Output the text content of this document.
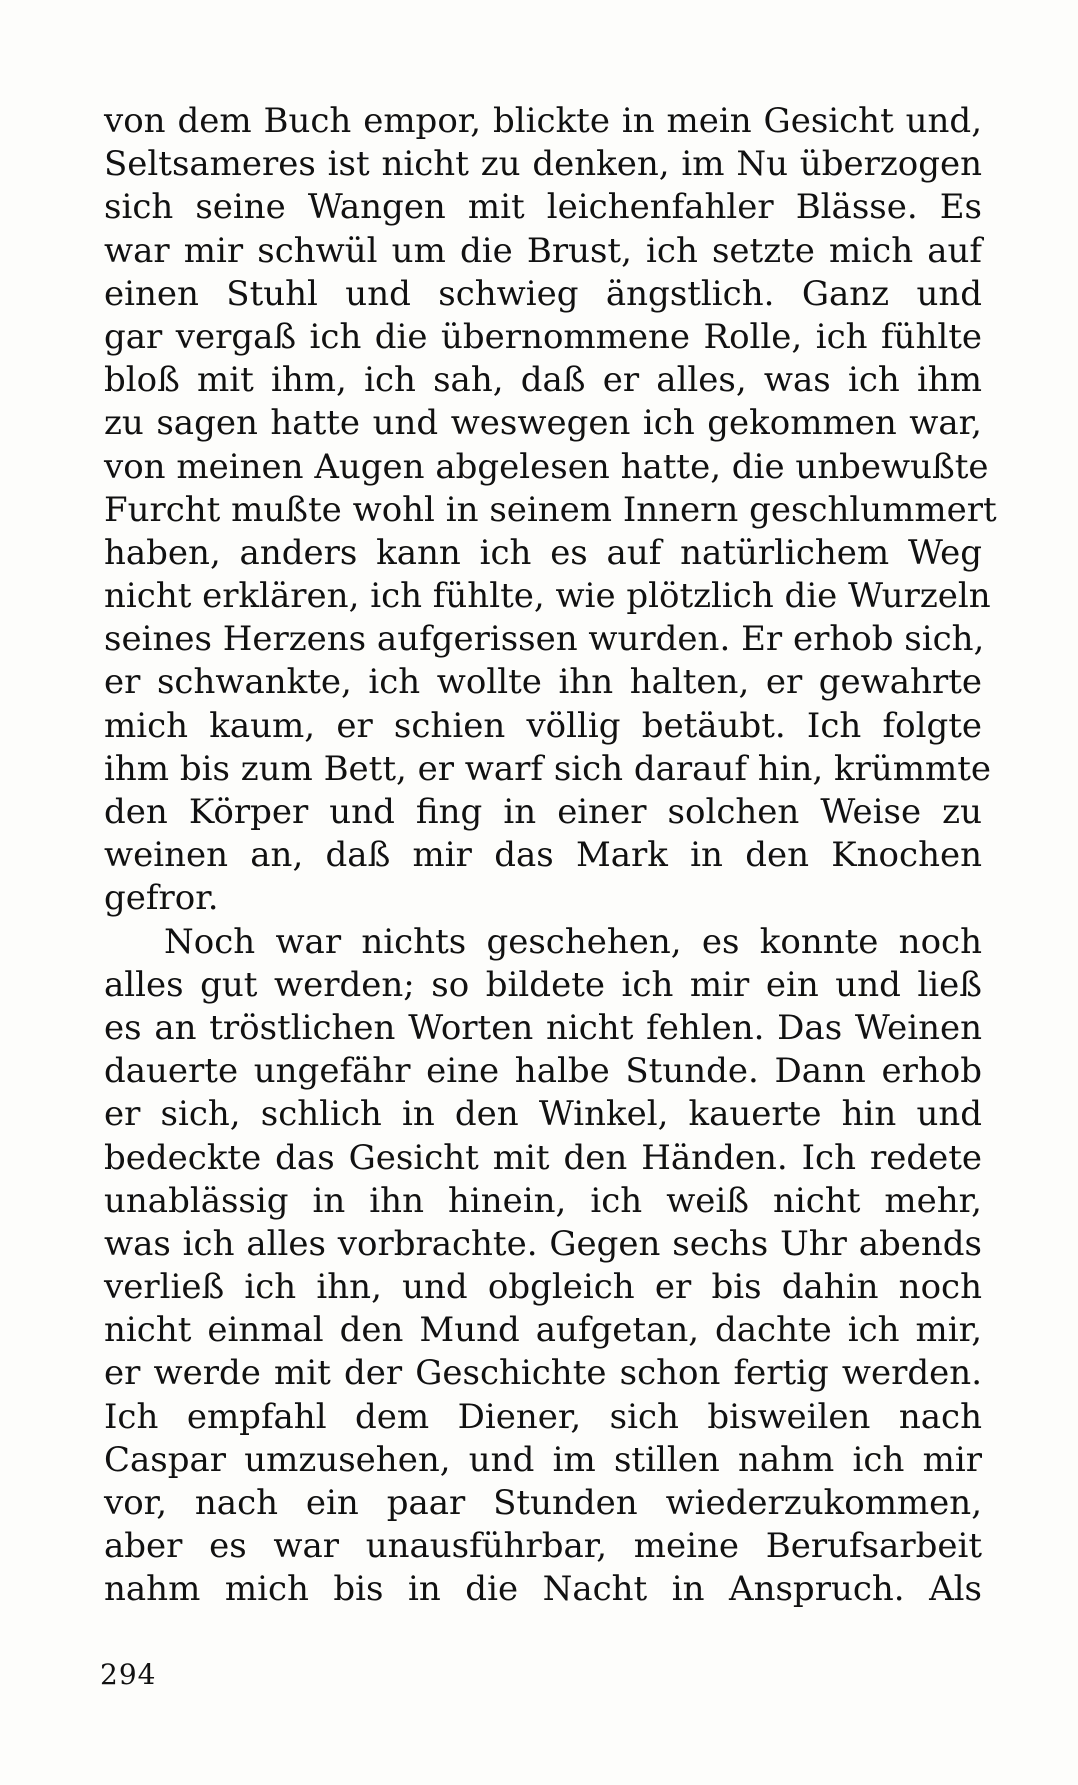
von dem Buch empor, blickte in mein Gesicht und,
Seltsameres ist nicht zu denken, im Nu überzogen
sich seine Wangen mit leichenfahler Blässe. Es
war mir schwül um die Brust, ich setzte mich auf
einen Stuhl und schwieg ängstlich. Ganz und
gar vergaß ich die übernommene Rolle, ich fühlte
bloß mit ihm, ich sah, daß er alles, was ich ihm
zu sagen hatte und weswegen ich gekommen war,
von meinen Augen abgelesen hatte, die unbewußte
Furcht mußte wohl in seinem Innern geschlummert
haben, anders kann ich es auf natürlichem Weg
nicht erklären, ich fühlte, wie plötzlich die Wurzeln
seines Herzens aufgerissen wurden. Er erhob sich,
er schwankte, ich wollte ihn halten, er gewahrte
mich kaum, er schien völlig betäubt. Ich folgte
ihm bis zum Bett, er warf sich darauf hin, krümmte
den Körper und fing in einer solchen Weise zu
weinen an, daß mir das Mark in den Knochen
gefror.
Noch war nichts geschehen, es konnte noch
alles gut werden; so bildete ich mir ein und ließ
es an tröstlichen Worten nicht fehlen. Das Weinen
dauerte ungefähr eine halbe Stunde. Dann erhob
er sich, schlich in den Winkel, kauerte hin und
bedeckte das Gesicht mit den Händen. Ich redete
unablässig in ihn hinein, ich weiß nicht mehr,
was ich alles vorbrachte. Gegen sechs Uhr abends
verließ ich ihn, und obgleich er bis dahin noch
nicht einmal den Mund aufgetan, dachte ich mir,
er werde mit der Geschichte schon fertig werden.
Ich empfahl dem Diener, sich bisweilen nach
Caspar umzusehen, und im stillen nahm ich mir
vor, nach ein paar Stunden wiederzukommen,
aber es war unausführbar, meine Berufsarbeit
nahm mich bis in die Nacht in Anspruch. Als
294
